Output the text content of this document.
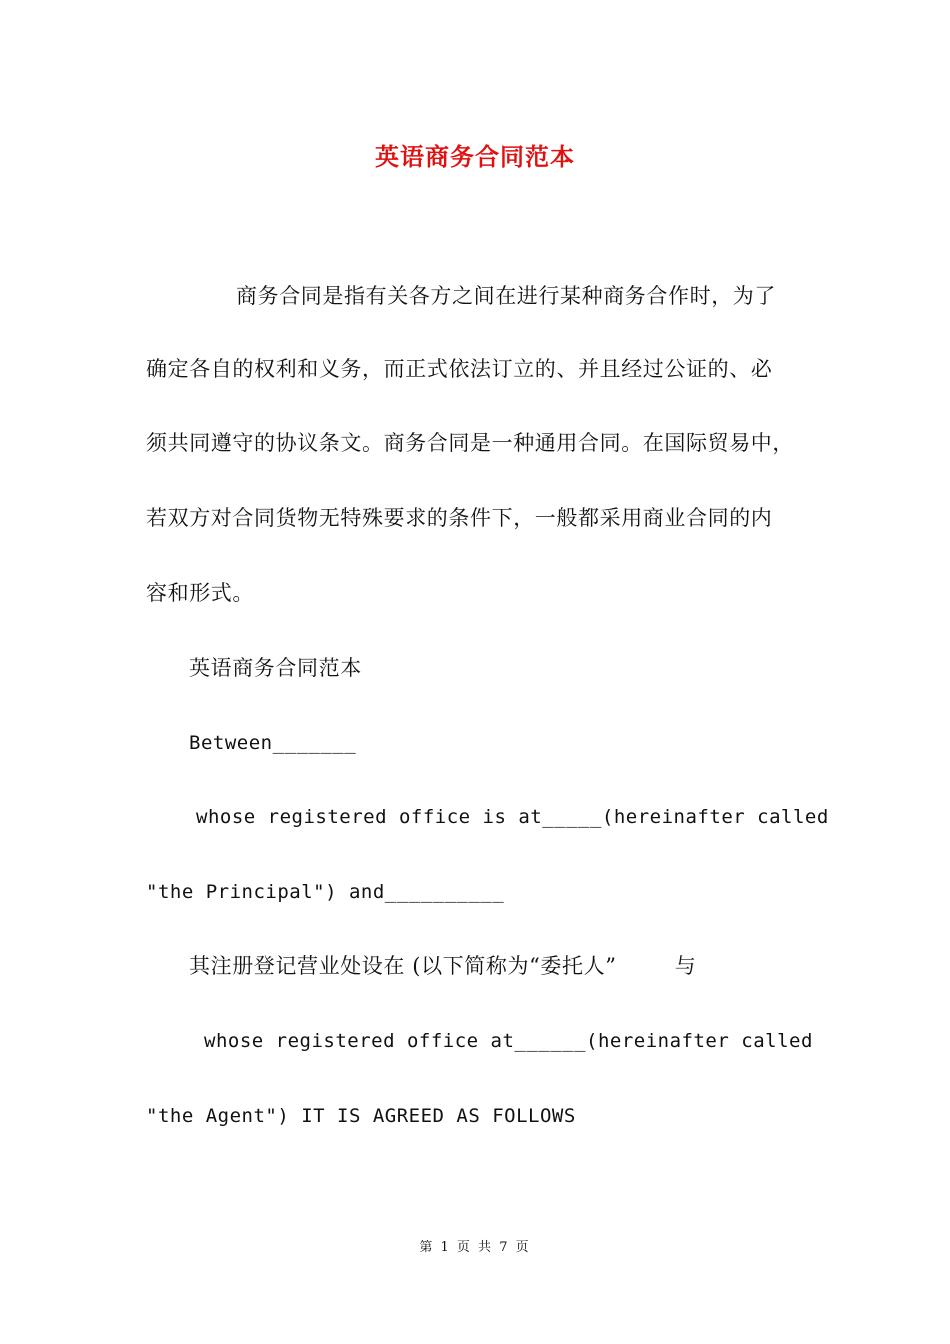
英语商务合同范本
商务合同是指有关各方之间在进行某种商务合作时，为了
确定各自的权利和义务，而正式依法订立的、并且经过公证的、必
须共同遵守的协议条文。商务合同是一种通用合同。在国际贸易中，
若双方对合同货物无特殊要求的条件下，一般都采用商业合同的内
容和形式。
英语商务合同范本
Between_______
whose registered office is at_____(hereinafter called
"the Principal") and__________
其注册登记营业处设在 (以下简称为“委托人”        与
whose registered office at______(hereinafter called
"the Agent") IT IS AGREED AS FOLLOWS
第 1 页 共 7 页
